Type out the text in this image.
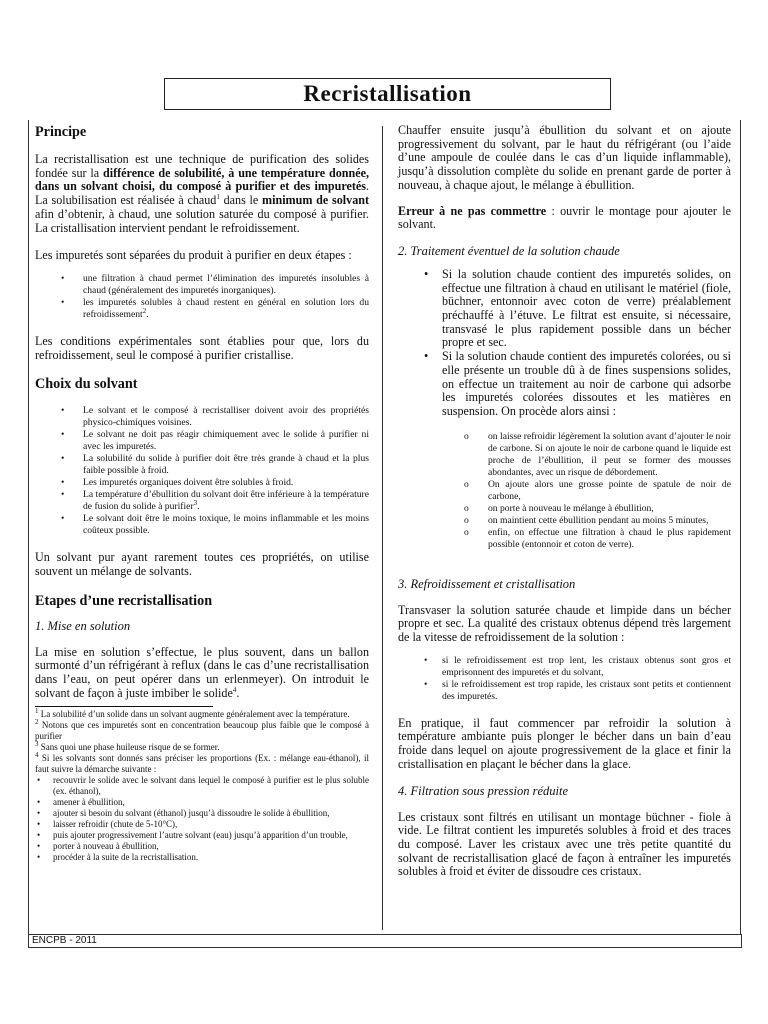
Recristallisation

Principe

La recristallisation est une technique de purification des solides fondée sur la différence de solubilité, à une température donnée, dans un solvant choisi, du composé à purifier et des impuretés. La solubilisation est réalisée à chaud$^1$ dans le minimum de solvant afin d’obtenir, à chaud, une solution saturée du composé à purifier. La cristallisation intervient pendant le refroidissement.

Les impuretés sont séparées du produit à purifier en deux étapes :

• une filtration à chaud permet l’élimination des impuretés insolubles à chaud (généralement des impuretés inorganiques).
• les impuretés solubles à chaud restent en général en solution lors du refroidissement$^2$.

Les conditions expérimentales sont établies pour que, lors du refroidissement, seul le composé à purifier cristallise.

Choix du solvant

• Le solvant et le composé à recristalliser doivent avoir des propriétés physico-chimiques voisines.
• Le solvant ne doit pas réagir chimiquement avec le solide à purifier ni avec les impuretés.
• La solubilité du solide à purifier doit être très grande à chaud et la plus faible possible à froid.
• Les impuretés organiques doivent être solubles à froid.
• La température d’ébullition du solvant doit être inférieure à la température de fusion du solide à purifier$^3$.
• Le solvant doit être le moins toxique, le moins inflammable et les moins coûteux possible.

Un solvant pur ayant rarement toutes ces propriétés, on utilise souvent un mélange de solvants.

Etapes d’une recristallisation

1. Mise en solution

La mise en solution s’effectue, le plus souvent, dans un ballon surmonté d’un réfrigérant à reflux (dans le cas d’une recristallisation dans l’eau, on peut opérer dans un erlenmeyer). On introduit le solvant de façon à juste imbiber le solide$^4$.

$^1$ La solubilité d’un solide dans un solvant augmente généralement avec la température.
$^2$ Notons que ces impuretés sont en concentration beaucoup plus faible que le composé à purifier
$^3$ Sans quoi une phase huileuse risque de se former.
$^4$ Si les solvants sont donnés sans préciser les proportions (Ex. : mélange eau-éthanol), il faut suivre la démarche suivante :
• recouvrir le solide avec le solvant dans lequel le composé à purifier est le plus soluble (ex. éthanol),
• amener à ébullition,
• ajouter si besoin du solvant (éthanol) jusqu’à dissoudre le solide à ébullition,
• laisser refroidir (chute de 5-10°C),
• puis ajouter progressivement l’autre solvant (eau) jusqu’à apparition d’un trouble,
• porter à nouveau à ébullition,
• procéder à la suite de la recristallisation.

Chauffer ensuite jusqu’à ébullition du solvant et on ajoute progressivement du solvant, par le haut du réfrigérant (ou l’aide d’une ampoule de coulée dans le cas d’un liquide inflammable), jusqu’à dissolution complète du solide en prenant garde de porter à nouveau, à chaque ajout, le mélange à ébullition.

Erreur à ne pas commettre : ouvrir le montage pour ajouter le solvant.

2. Traitement éventuel de la solution chaude

• Si la solution chaude contient des impuretés solides, on effectue une filtration à chaud en utilisant le matériel (fiole, büchner, entonnoir avec coton de verre) préalablement préchauffé à l’étuve. Le filtrat est ensuite, si nécessaire, transvasé le plus rapidement possible dans un bécher propre et sec.
• Si la solution chaude contient des impuretés colorées, ou si elle présente un trouble dû à de fines suspensions solides, on effectue un traitement au noir de carbone qui adsorbe les impuretés colorées dissoutes et les matières en suspension. On procède alors ainsi :
o on laisse refroidir légèrement la solution avant d’ajouter le noir de carbone. Si on ajoute le noir de carbone quand le liquide est proche de l’ébullition, il peut se former des mousses abondantes, avec un risque de débordement.
o On ajoute alors une grosse pointe de spatule de noir de carbone,
o on porte à nouveau le mélange à ébullition,
o on maintient cette ébullition pendant au moins 5 minutes,
o enfin, on effectue une filtration à chaud le plus rapidement possible (entonnoir et coton de verre).

3. Refroidissement et cristallisation

Transvaser la solution saturée chaude et limpide dans un bécher propre et sec. La qualité des cristaux obtenus dépend très largement de la vitesse de refroidissement de la solution :

• si le refroidissement est trop lent, les cristaux obtenus sont gros et emprisonnent des impuretés et du solvant,
• si le refroidissement est trop rapide, les cristaux sont petits et contiennent des impuretés.

En pratique, il faut commencer par refroidir la solution à température ambiante puis plonger le bécher dans un bain d’eau froide dans lequel on ajoute progressivement de la glace et finir la cristallisation en plaçant le bécher dans la glace.

4. Filtration sous pression réduite

Les cristaux sont filtrés en utilisant un montage büchner - fiole à vide. Le filtrat contient les impuretés solubles à froid et des traces du composé. Laver les cristaux avec une très petite quantité du solvant de recristallisation glacé de façon à entraîner les impuretés solubles à froid et éviter de dissoudre ces cristaux.

ENCPB - 2011
